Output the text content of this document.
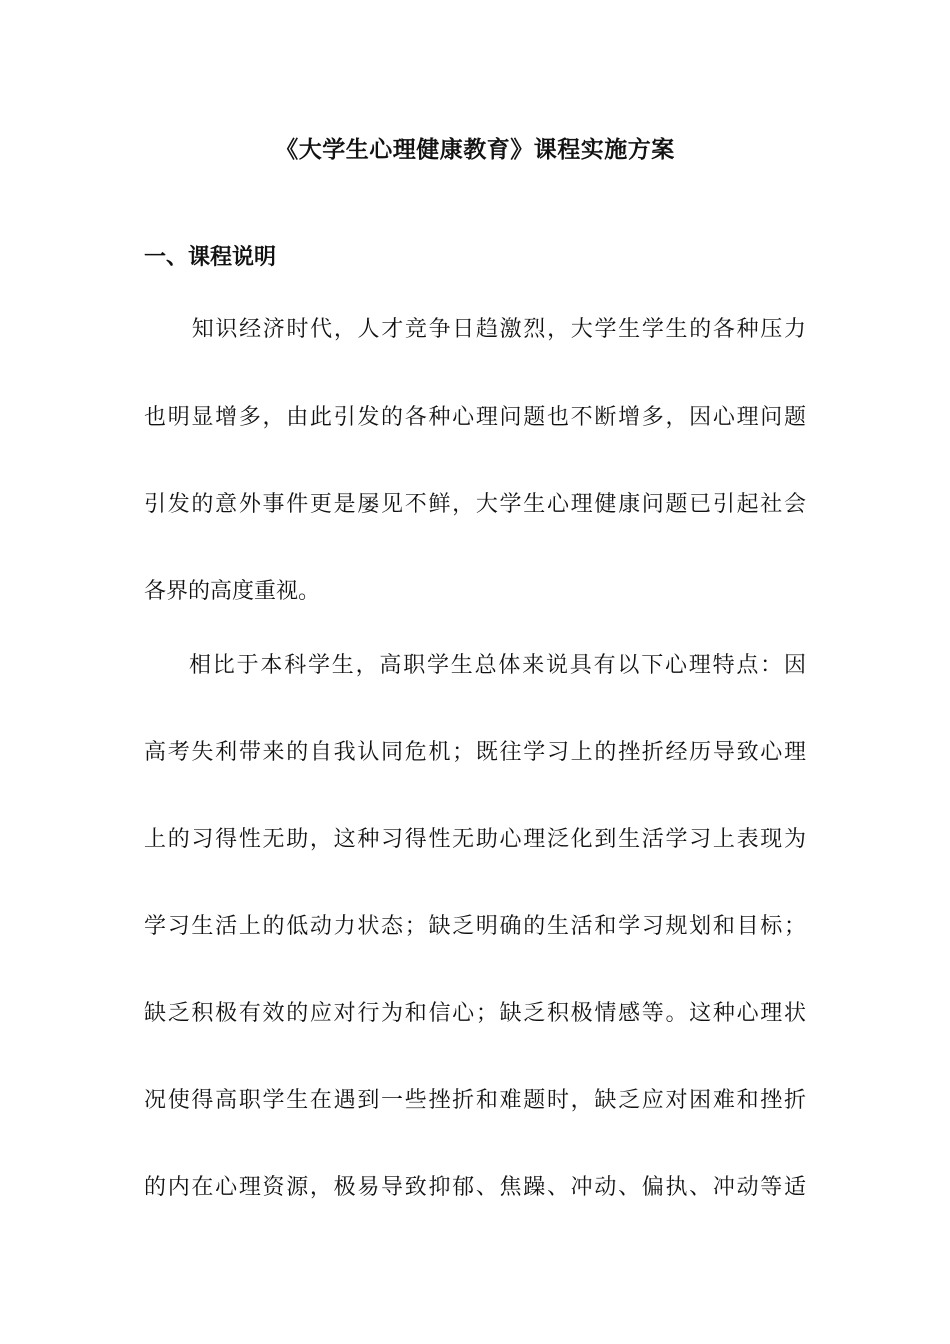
《大学生心理健康教育》课程实施方案
一、课程说明
　知识经济时代，人才竞争日趋激烈，大学生学生的各种压力
也明显增多，由此引发的各种心理问题也不断增多，因心理问题
引发的意外事件更是屡见不鲜，大学生心理健康问题已引起社会
各界的高度重视。
相比于本科学生，高职学生总体来说具有以下心理特点：因
高考失利带来的自我认同危机；既往学习上的挫折经历导致心理
上的习得性无助，这种习得性无助心理泛化到生活学习上表现为
学习生活上的低动力状态；缺乏明确的生活和学习规划和目标；
缺乏积极有效的应对行为和信心；缺乏积极情感等。这种心理状
况使得高职学生在遇到一些挫折和难题时，缺乏应对困难和挫折
的内在心理资源，极易导致抑郁、焦躁、冲动、偏执、冲动等适
